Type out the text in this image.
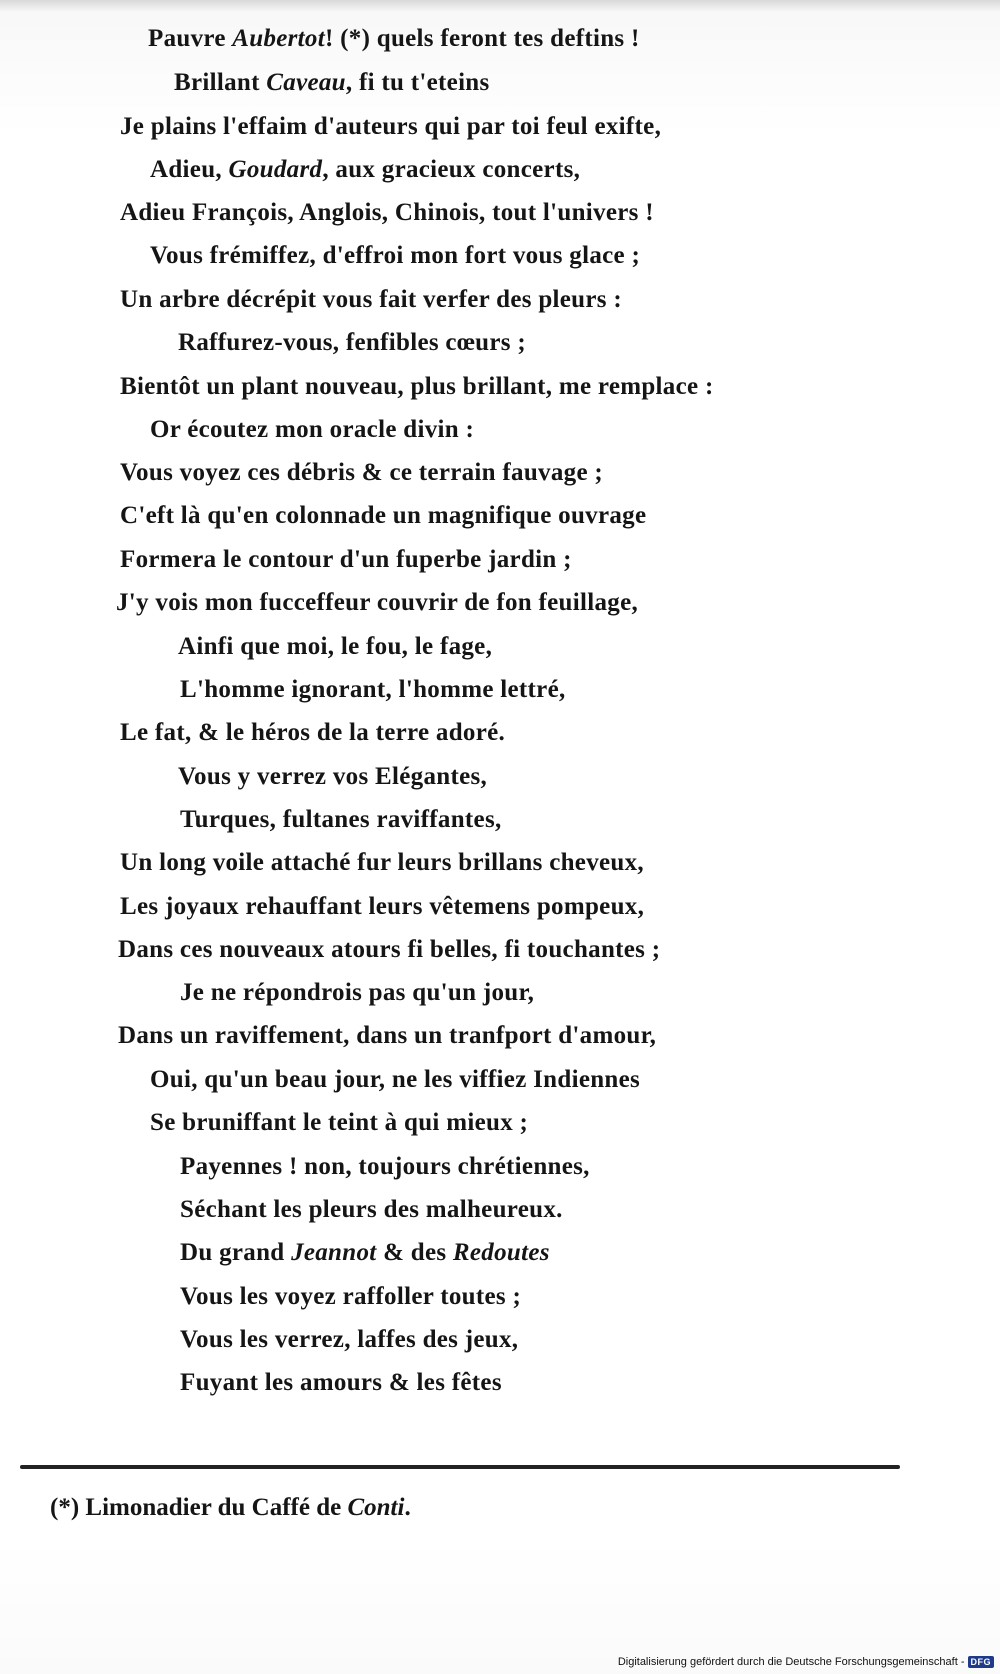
Pauvre Aubertot! (*) quels feront tes deftins !
Brillant Caveau, fi tu t'eteins
Je plains l'effaim d'auteurs qui par toi feul exifte,
Adieu, Goudard, aux gracieux concerts,
Adieu François, Anglois, Chinois, tout l'univers !
Vous frémiffez, d'effroi mon fort vous glace ;
Un arbre décrépit vous fait verfer des pleurs :
Raffurez-vous, fenfibles cœurs ;
Bientôt un plant nouveau, plus brillant, me remplace :
Or écoutez mon oracle divin :
Vous voyez ces débris & ce terrain fauvage ;
C'eft là qu'en colonnade un magnifique ouvrage
Formera le contour d'un fuperbe jardin ;
J'y vois mon fucceffeur couvrir de fon feuillage,
Ainfi que moi, le fou, le fage,
L'homme ignorant, l'homme lettré,
Le fat, & le héros de la terre adoré.
Vous y verrez vos Elégantes,
Turques, fultanes raviffantes,
Un long voile attaché fur leurs brillans cheveux,
Les joyaux rehauffant leurs vêtemens pompeux,
Dans ces nouveaux atours fi belles, fi touchantes ;
Je ne répondrois pas qu'un jour,
Dans un raviffement, dans un tranfport d'amour,
Oui, qu'un beau jour, ne les viffiez Indiennes
Se bruniffant le teint à qui mieux ;
Payennes ! non, toujours chrétiennes,
Séchant les pleurs des malheureux.
Du grand Jeannot & des Redoutes
Vous les voyez raffoller toutes ;
Vous les verrez, laffes des jeux,
Fuyant les amours & les fêtes
(*) Limonadier du Caffé de Conti.
Digitalisierung gefördert durch die Deutsche Forschungsgemeinschaft - DFG
